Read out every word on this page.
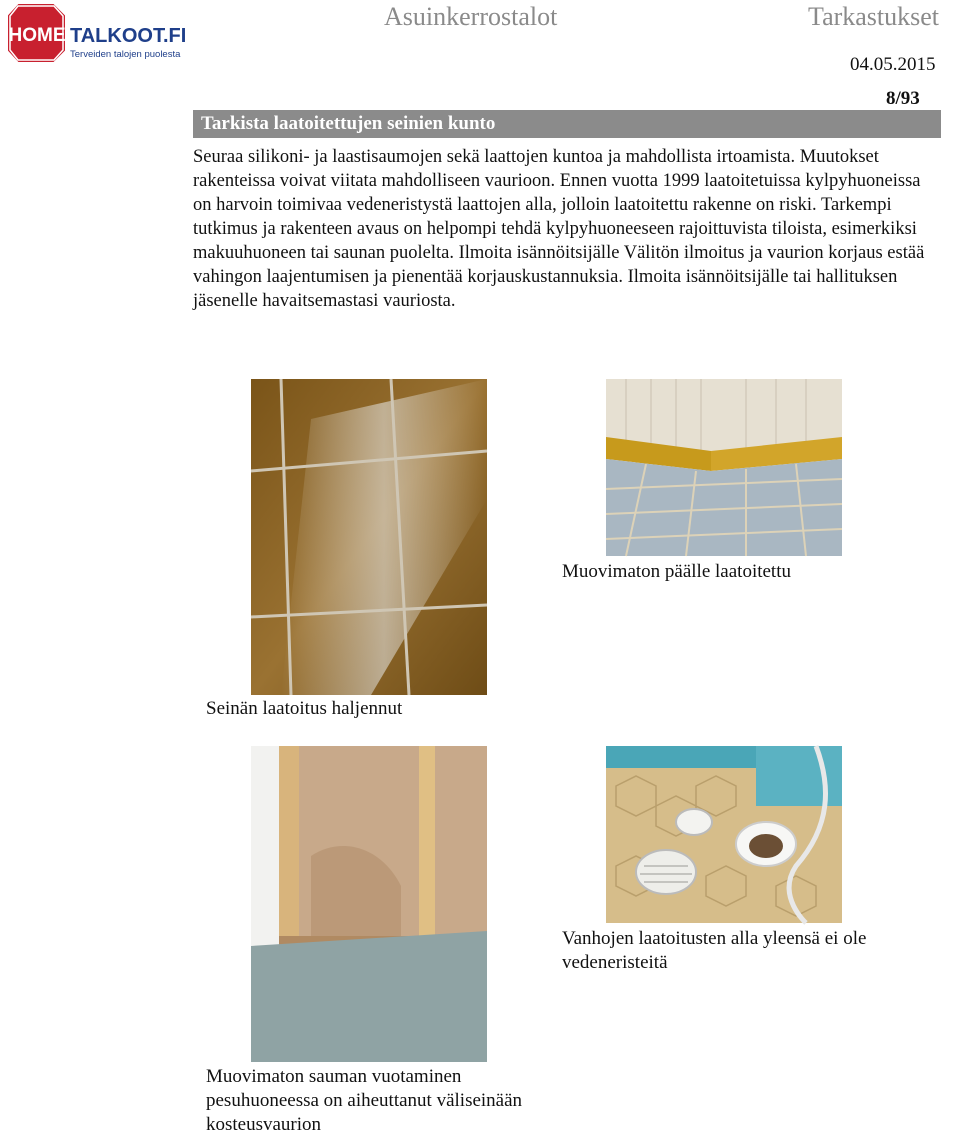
HOME TALKOOT.FI
Terveiden talojen puolesta
Asuinkerrostalot	Tarkastukset
04.05.2015
8/93
Tarkista laatoitettujen seinien kunto

Seuraa silikoni- ja laastisaumojen sekä laattojen kuntoa ja mahdollista irtoamista. Muutokset rakenteissa voivat viitata mahdolliseen vaurioon. Ennen vuotta 1999 laatoitetuissa kylpyhuoneissa on harvoin toimivaa vedeneristystä laattojen alla, jolloin laatoitettu rakenne on riski. Tarkempi tutkimus ja rakenteen avaus on helpompi tehdä kylpyhuoneeseen rajoittuvista tiloista, esimerkiksi makuuhuoneen tai saunan puolelta. Ilmoita isännöitsijälle Välitön ilmoitus ja vaurion korjaus estää vahingon laajentumisen ja pienentää korjauskustannuksia. Ilmoita isännöitsijälle tai hallituksen jäsenelle havaitsemastasi vauriosta.

Seinän laatoitus haljennut

Muovimaton päälle laatoitettu

Muovimaton sauman vuotaminen pesuhuoneessa on aiheuttanut väliseinään kosteusvaurion

Vanhojen laatoitusten alla yleensä ei ole vedeneristeitä
